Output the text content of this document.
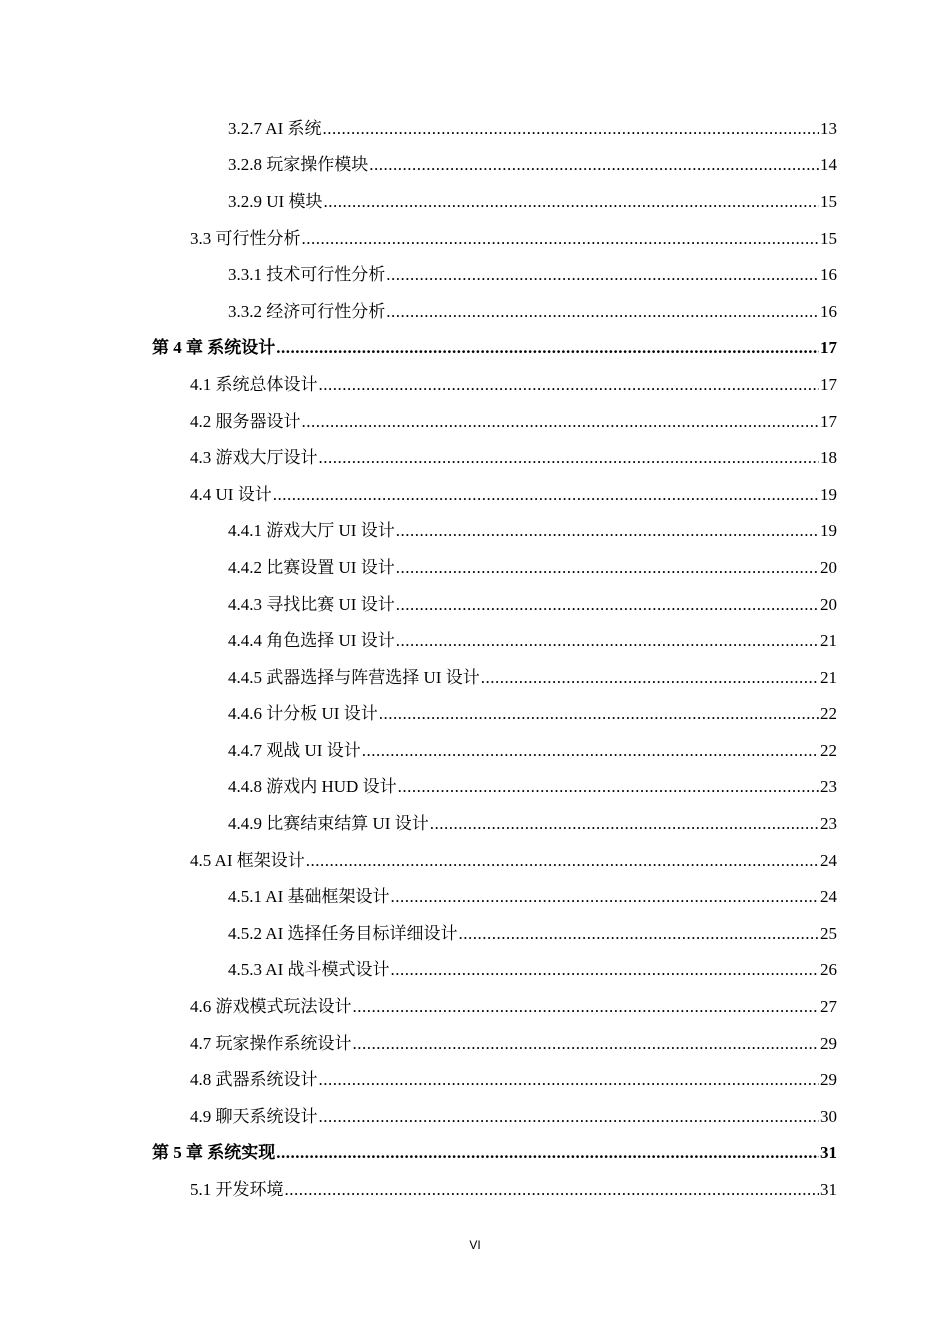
3.2.7 AI 系统 .....	13
3.2.8 玩家操作模块 .....	14
3.2.9 UI 模块 .....	15
3.3 可行性分析 .....	15
3.3.1 技术可行性分析 .....	16
3.3.2 经济可行性分析 .....	16
第 4 章 系统设计 .....	17
4.1 系统总体设计 .....	17
4.2 服务器设计 .....	17
4.3 游戏大厅设计 .....	18
4.4 UI 设计 .....	19
4.4.1 游戏大厅 UI 设计 .....	19
4.4.2 比赛设置 UI 设计 .....	20
4.4.3 寻找比赛 UI 设计 .....	20
4.4.4 角色选择 UI 设计 .....	21
4.4.5 武器选择与阵营选择 UI 设计 .....	21
4.4.6 计分板 UI 设计 .....	22
4.4.7 观战 UI 设计 .....	22
4.4.8 游戏内 HUD 设计 .....	23
4.4.9 比赛结束结算 UI 设计 .....	23
4.5 AI 框架设计 .....	24
4.5.1 AI 基础框架设计 .....	24
4.5.2 AI 选择任务目标详细设计 .....	25
4.5.3 AI 战斗模式设计 .....	26
4.6 游戏模式玩法设计 .....	27
4.7 玩家操作系统设计 .....	29
4.8 武器系统设计 .....	29
4.9 聊天系统设计 .....	30
第 5 章 系统实现 .....	31
5.1 开发环境 .....	31
VI
